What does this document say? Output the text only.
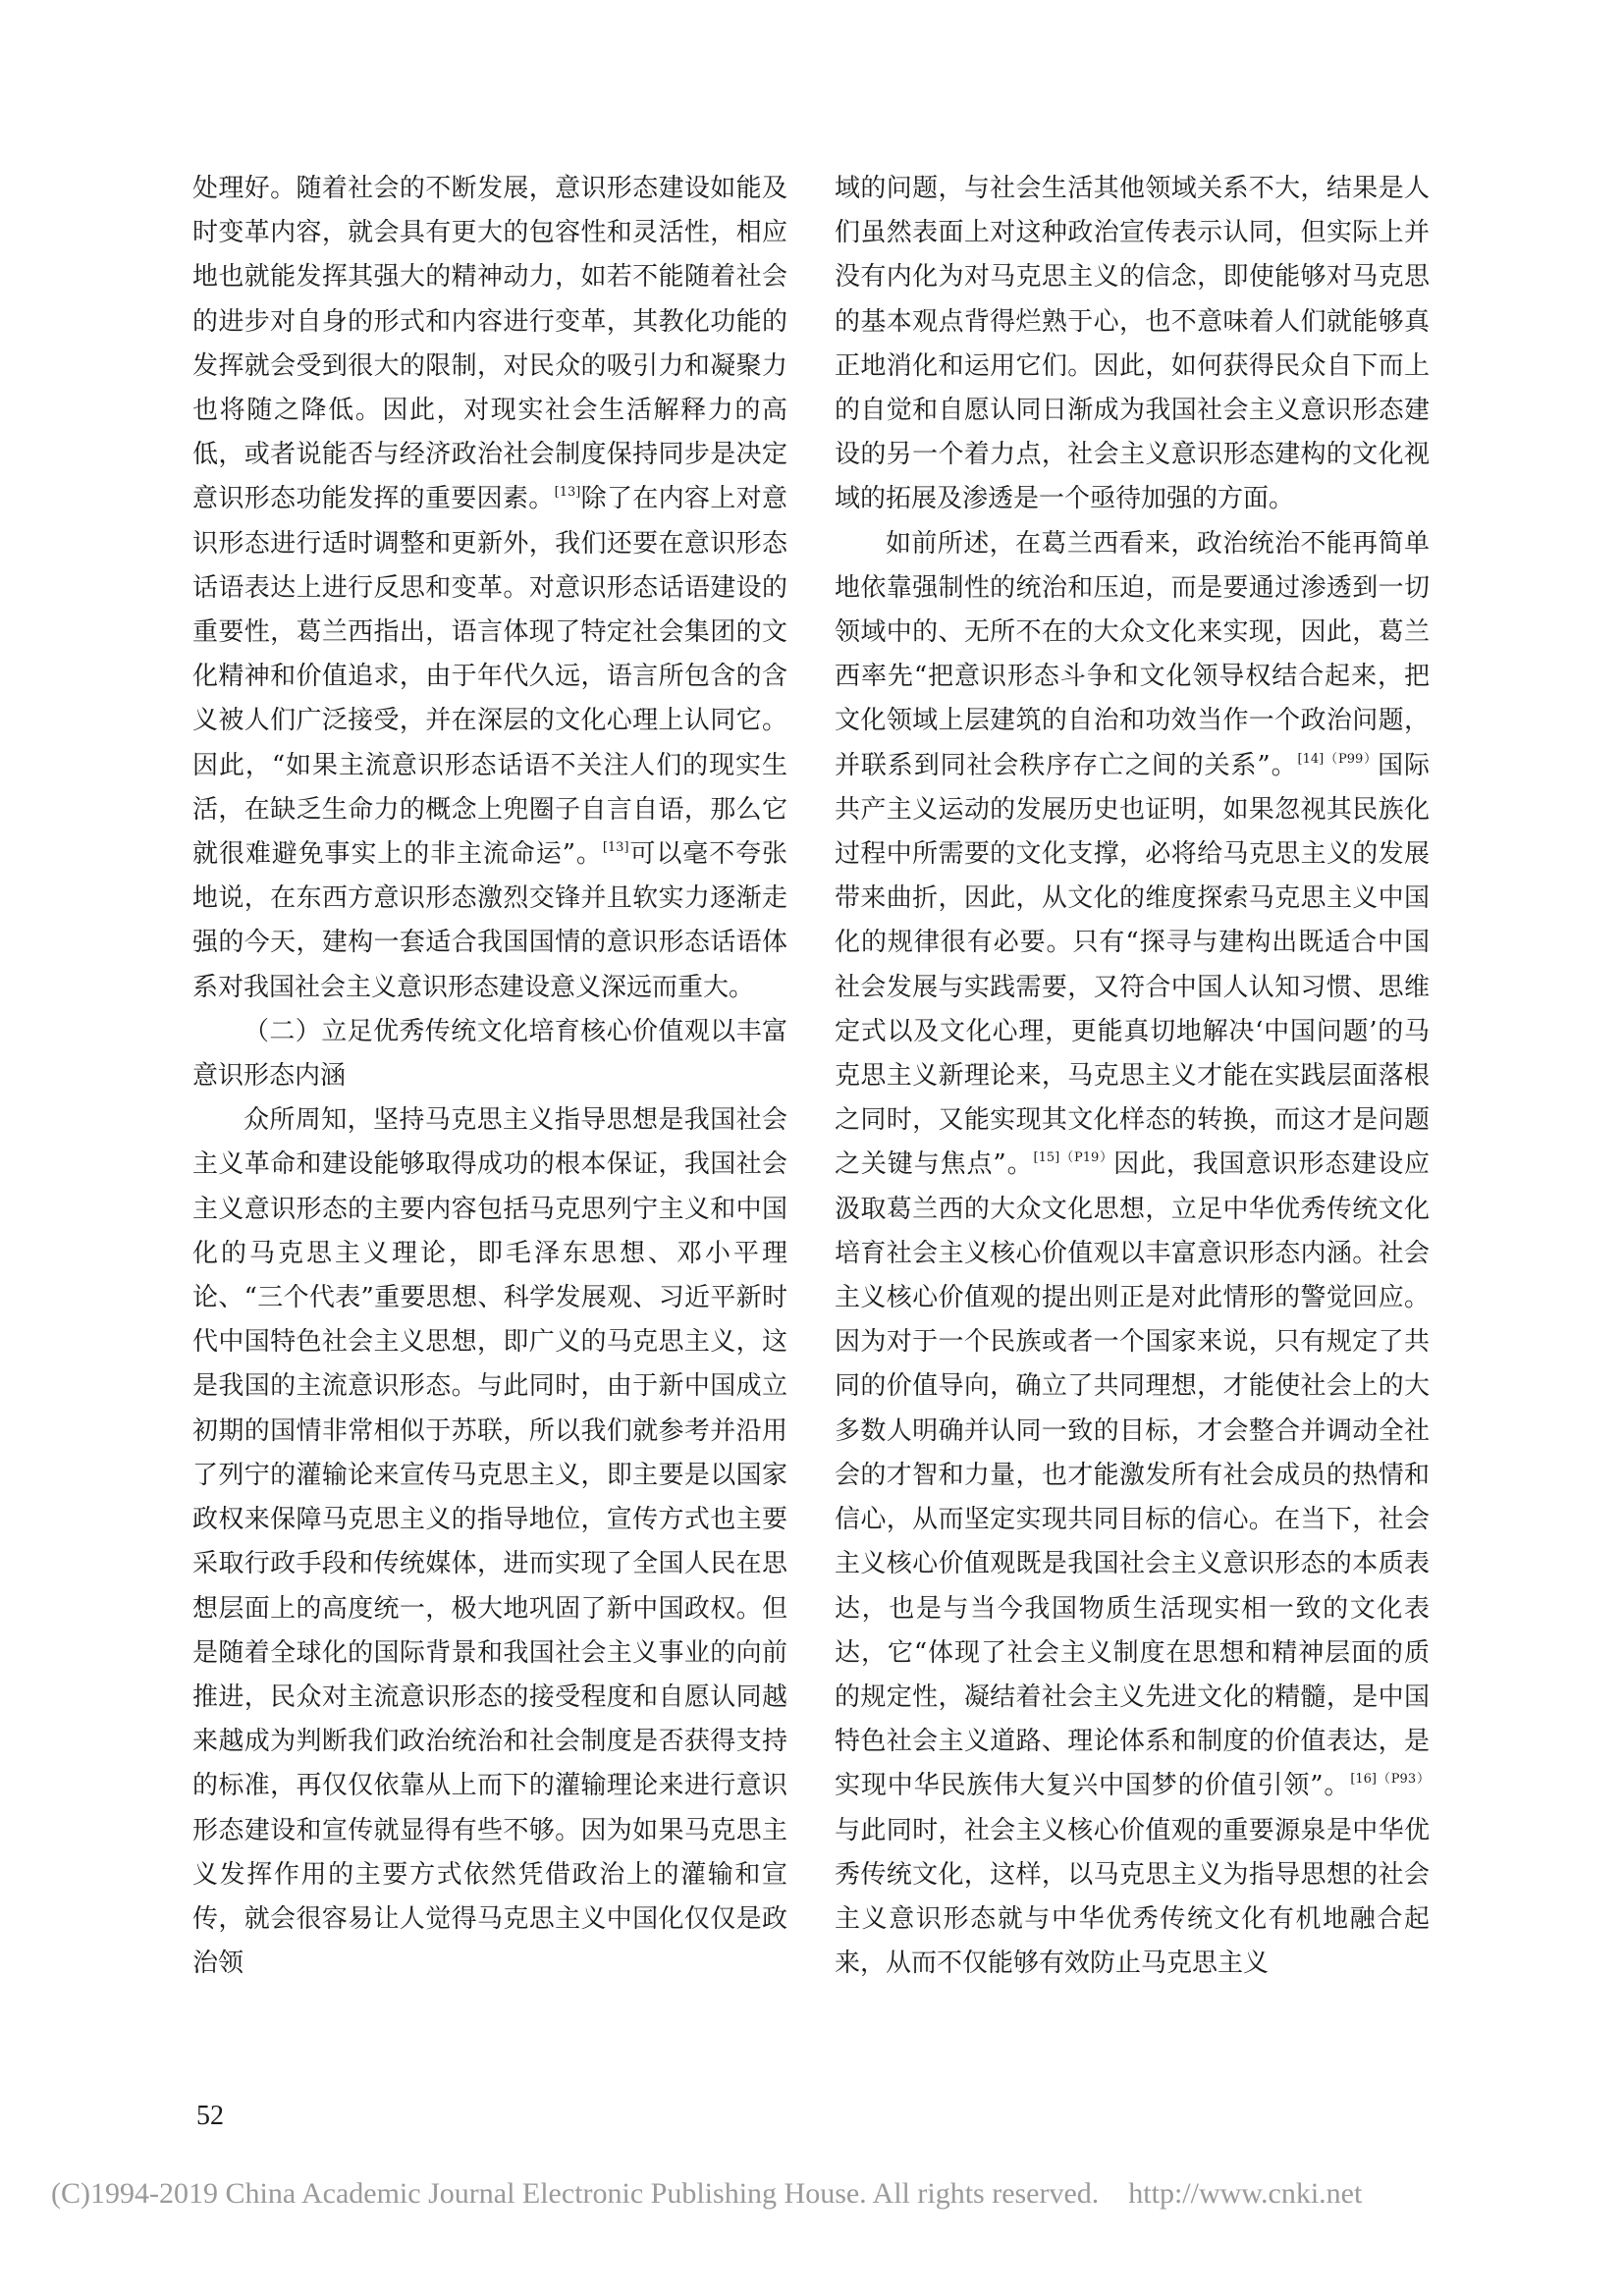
处理好。随着社会的不断发展，意识形态建设如能及时变革内容，就会具有更大的包容性和灵活性，相应地也就能发挥其强大的精神动力，如若不能随着社会的进步对自身的形式和内容进行变革，其教化功能的发挥就会受到很大的限制，对民众的吸引力和凝聚力也将随之降低。因此，对现实社会生活解释力的高低，或者说能否与经济政治社会制度保持同步是决定意识形态功能发挥的重要因素。[13]除了在内容上对意识形态进行适时调整和更新外，我们还要在意识形态话语表达上进行反思和变革。对意识形态话语建设的重要性，葛兰西指出，语言体现了特定社会集团的文化精神和价值追求，由于年代久远，语言所包含的含义被人们广泛接受，并在深层的文化心理上认同它。因此，“如果主流意识形态话语不关注人们的现实生活，在缺乏生命力的概念上兜圈子自言自语，那么它就很难避免事实上的非主流命运”。[13]可以毫不夸张地说，在东西方意识形态激烈交锋并且软实力逐渐走强的今天，建构一套适合我国国情的意识形态话语体系对我国社会主义意识形态建设意义深远而重大。

（二）立足优秀传统文化培育核心价值观以丰富意识形态内涵

众所周知，坚持马克思主义指导思想是我国社会主义革命和建设能够取得成功的根本保证，我国社会主义意识形态的主要内容包括马克思列宁主义和中国化的马克思主义理论，即毛泽东思想、邓小平理论、“三个代表”重要思想、科学发展观、习近平新时代中国特色社会主义思想，即广义的马克思主义，这是我国的主流意识形态。与此同时，由于新中国成立初期的国情非常相似于苏联，所以我们就参考并沿用了列宁的灌输论来宣传马克思主义，即主要是以国家政权来保障马克思主义的指导地位，宣传方式也主要采取行政手段和传统媒体，进而实现了全国人民在思想层面上的高度统一，极大地巩固了新中国政权。但是随着全球化的国际背景和我国社会主义事业的向前推进，民众对主流意识形态的接受程度和自愿认同越来越成为判断我们政治统治和社会制度是否获得支持的标准，再仅仅依靠从上而下的灌输理论来进行意识形态建设和宣传就显得有些不够。因为如果马克思主义发挥作用的主要方式依然凭借政治上的灌输和宣传，就会很容易让人觉得马克思主义中国化仅仅是政治领

域的问题，与社会生活其他领域关系不大，结果是人们虽然表面上对这种政治宣传表示认同，但实际上并没有内化为对马克思主义的信念，即使能够对马克思的基本观点背得烂熟于心，也不意味着人们就能够真正地消化和运用它们。因此，如何获得民众自下而上的自觉和自愿认同日渐成为我国社会主义意识形态建设的另一个着力点，社会主义意识形态建构的文化视域的拓展及渗透是一个亟待加强的方面。

如前所述，在葛兰西看来，政治统治不能再简单地依靠强制性的统治和压迫，而是要通过渗透到一切领域中的、无所不在的大众文化来实现，因此，葛兰西率先“把意识形态斗争和文化领导权结合起来，把文化领域上层建筑的自治和功效当作一个政治问题，并联系到同社会秩序存亡之间的关系”。$^{[14](P99)}$国际共产主义运动的发展历史也证明，如果忽视其民族化过程中所需要的文化支撑，必将给马克思主义的发展带来曲折，因此，从文化的维度探索马克思主义中国化的规律很有必要。只有“探寻与建构出既适合中国社会发展与实践需要，又符合中国人认知习惯、思维定式以及文化心理，更能真切地解决‘中国问题’的马克思主义新理论来，马克思主义才能在实践层面落根之同时，又能实现其文化样态的转换，而这才是问题之关键与焦点”。$^{[15](P19)}$因此，我国意识形态建设应汲取葛兰西的大众文化思想，立足中华优秀传统文化培育社会主义核心价值观以丰富意识形态内涵。社会主义核心价值观的提出则正是对此情形的警觉回应。因为对于一个民族或者一个国家来说，只有规定了共同的价值导向，确立了共同理想，才能使社会上的大多数人明确并认同一致的目标，才会整合并调动全社会的才智和力量，也才能激发所有社会成员的热情和信心，从而坚定实现共同目标的信心。在当下，社会主义核心价值观既是我国社会主义意识形态的本质表达，也是与当今我国物质生活现实相一致的文化表达，它“体现了社会主义制度在思想和精神层面的质的规定性，凝结着社会主义先进文化的精髓，是中国特色社会主义道路、理论体系和制度的价值表达，是实现中华民族伟大复兴中国梦的价值引领”。$^{[16](P93)}$与此同时，社会主义核心价值观的重要源泉是中华优秀传统文化，这样，以马克思主义为指导思想的社会主义意识形态就与中华优秀传统文化有机地融合起来，从而不仅能够有效防止马克思主义

52
(C)1994-2019 China Academic Journal Electronic Publishing House. All rights reserved.    http://www.cnki.net
